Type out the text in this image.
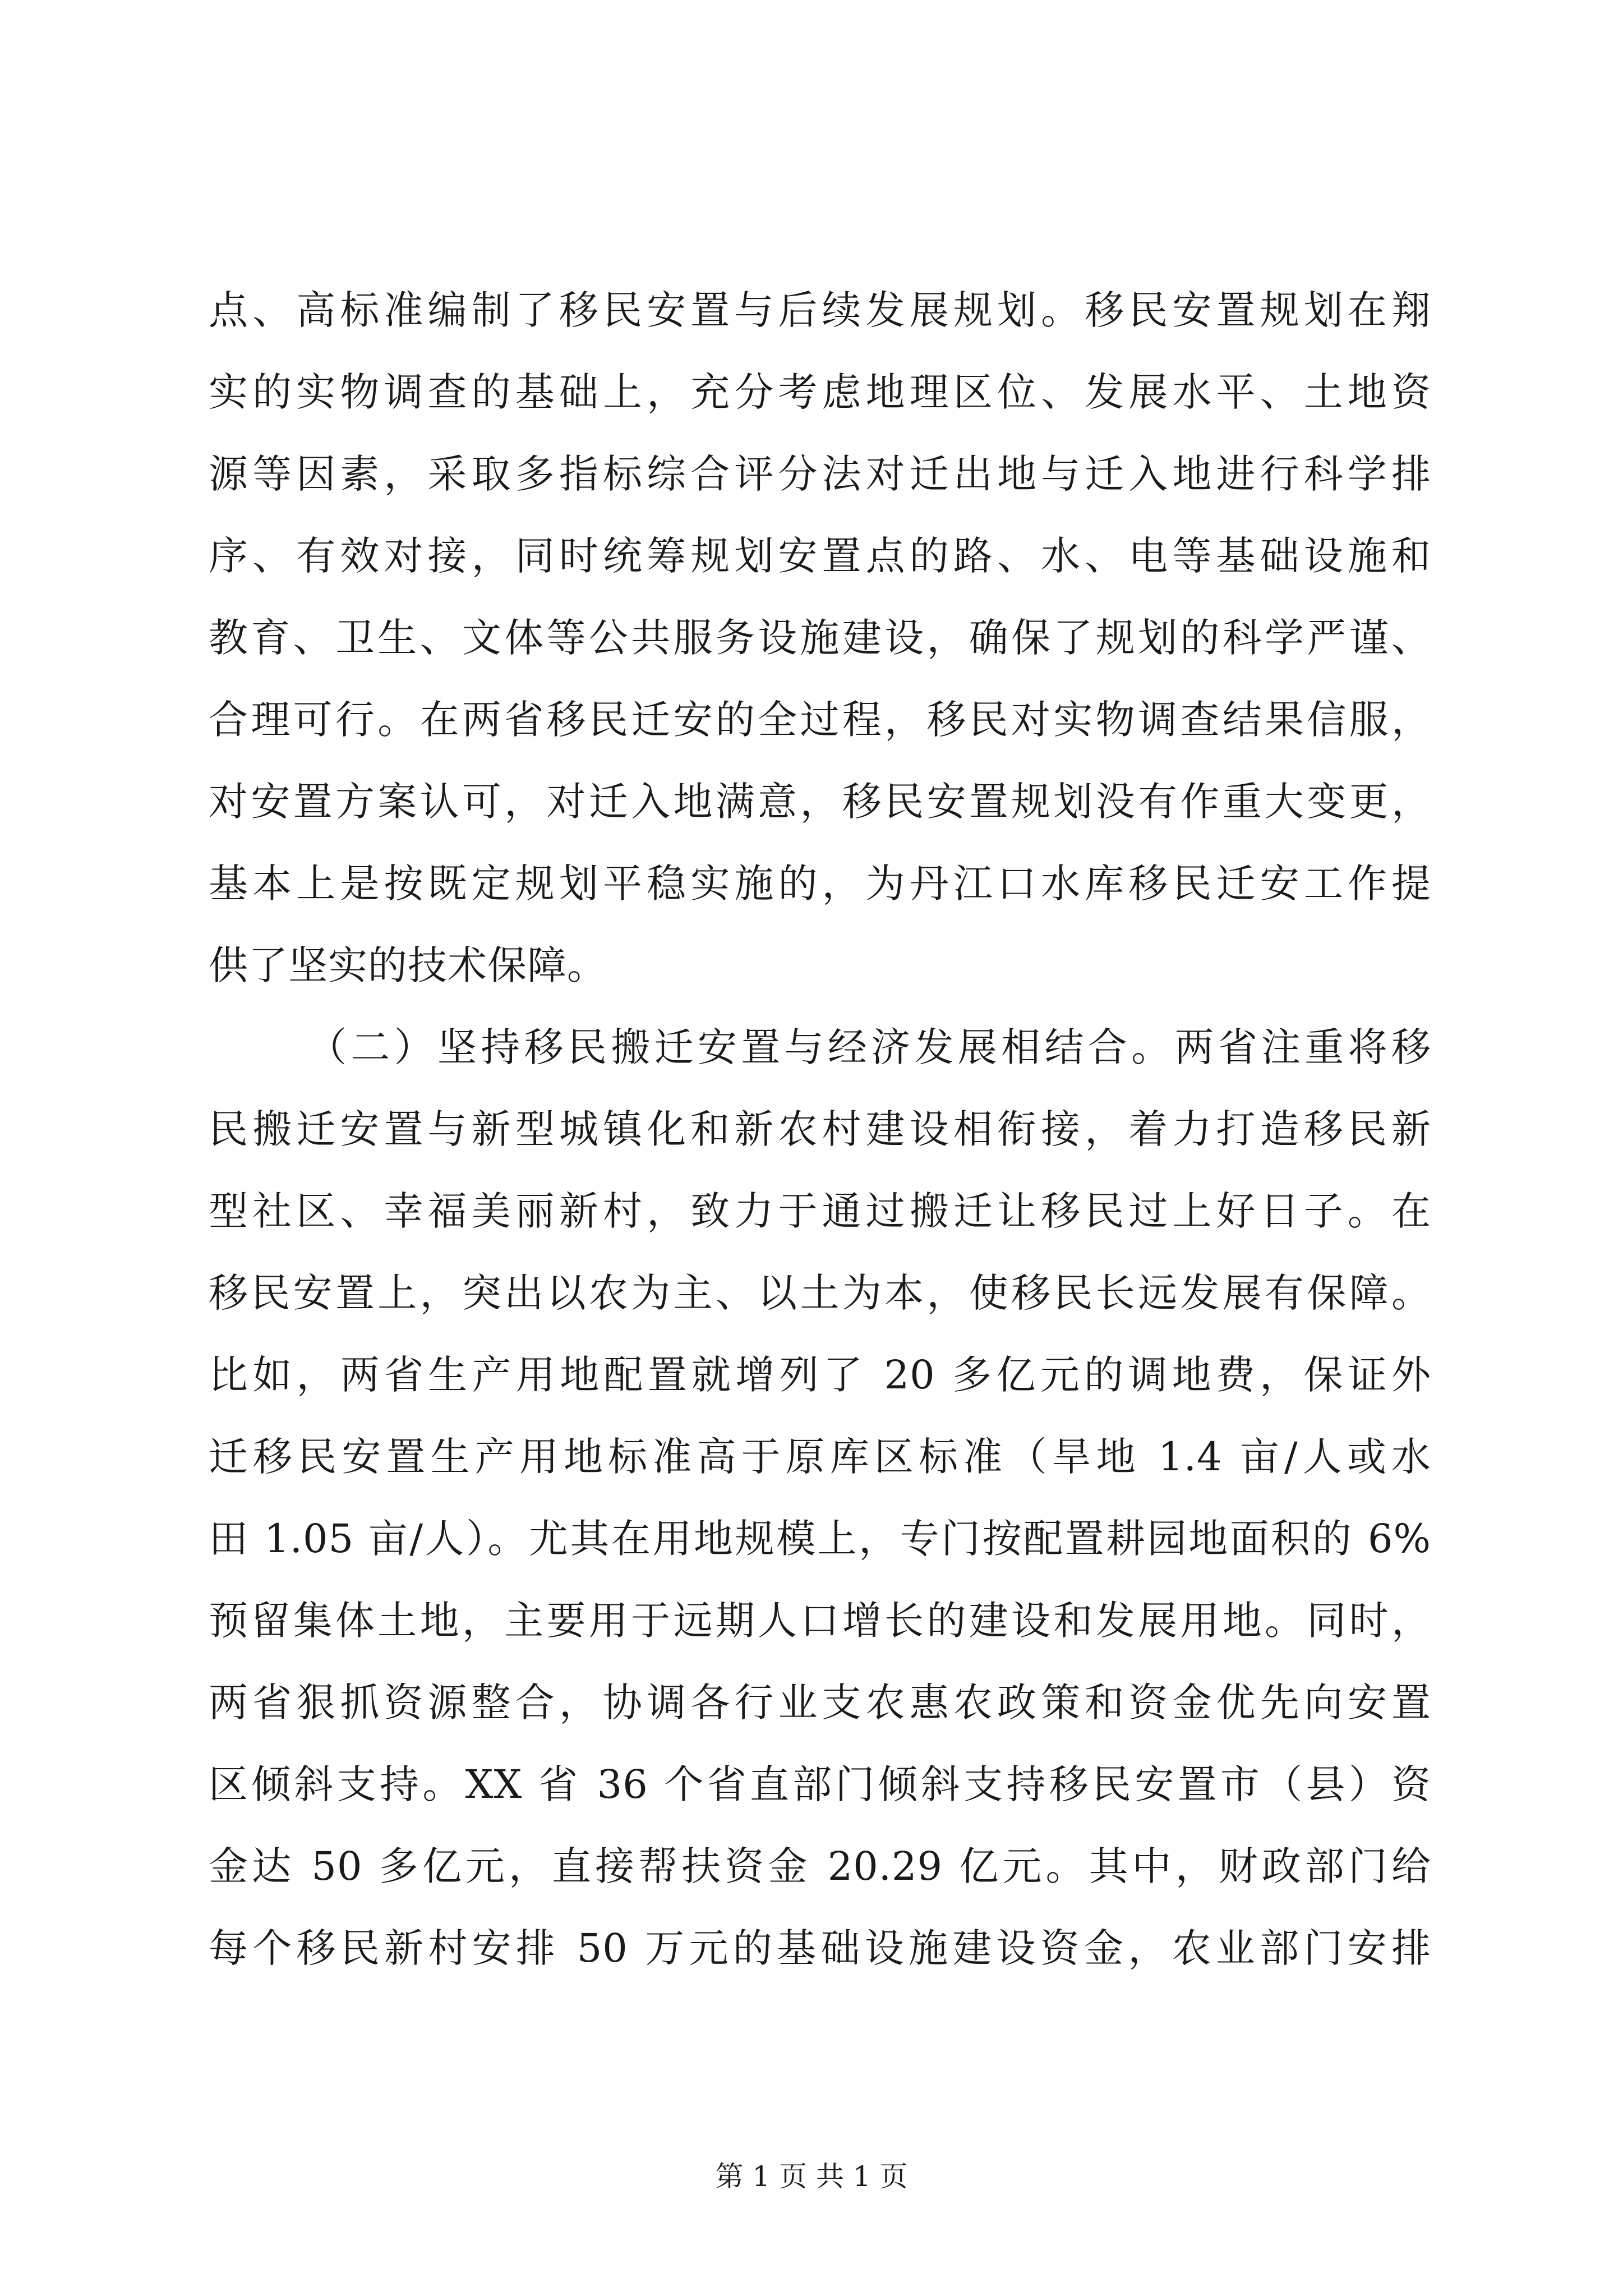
点、高标准编制了移民安置与后续发展规划。移民安置规划在翔
实的实物调查的基础上，充分考虑地理区位、发展水平、土地资
源等因素，采取多指标综合评分法对迁出地与迁入地进行科学排
序、有效对接，同时统筹规划安置点的路、水、电等基础设施和
教育、卫生、文体等公共服务设施建设，确保了规划的科学严谨、
合理可行。在两省移民迁安的全过程，移民对实物调查结果信服，
对安置方案认可，对迁入地满意，移民安置规划没有作重大变更，
基本上是按既定规划平稳实施的，为丹江口水库移民迁安工作提
供了坚实的技术保障。
（二）坚持移民搬迁安置与经济发展相结合。两省注重将移
民搬迁安置与新型城镇化和新农村建设相衔接，着力打造移民新
型社区、幸福美丽新村，致力于通过搬迁让移民过上好日子。在
移民安置上，突出以农为主、以土为本，使移民长远发展有保障。
比如，两省生产用地配置就增列了 20 多亿元的调地费，保证外
迁移民安置生产用地标准高于原库区标准（旱地 1.4 亩/人或水
田 1.05 亩/人）。尤其在用地规模上，专门按配置耕园地面积的 6%
预留集体土地，主要用于远期人口增长的建设和发展用地。同时，
两省狠抓资源整合，协调各行业支农惠农政策和资金优先向安置
区倾斜支持。XX 省 36 个省直部门倾斜支持移民安置市（县）资
金达 50 多亿元，直接帮扶资金 20.29 亿元。其中，财政部门给
每个移民新村安排 50 万元的基础设施建设资金，农业部门安排
第 1 页 共 1 页
